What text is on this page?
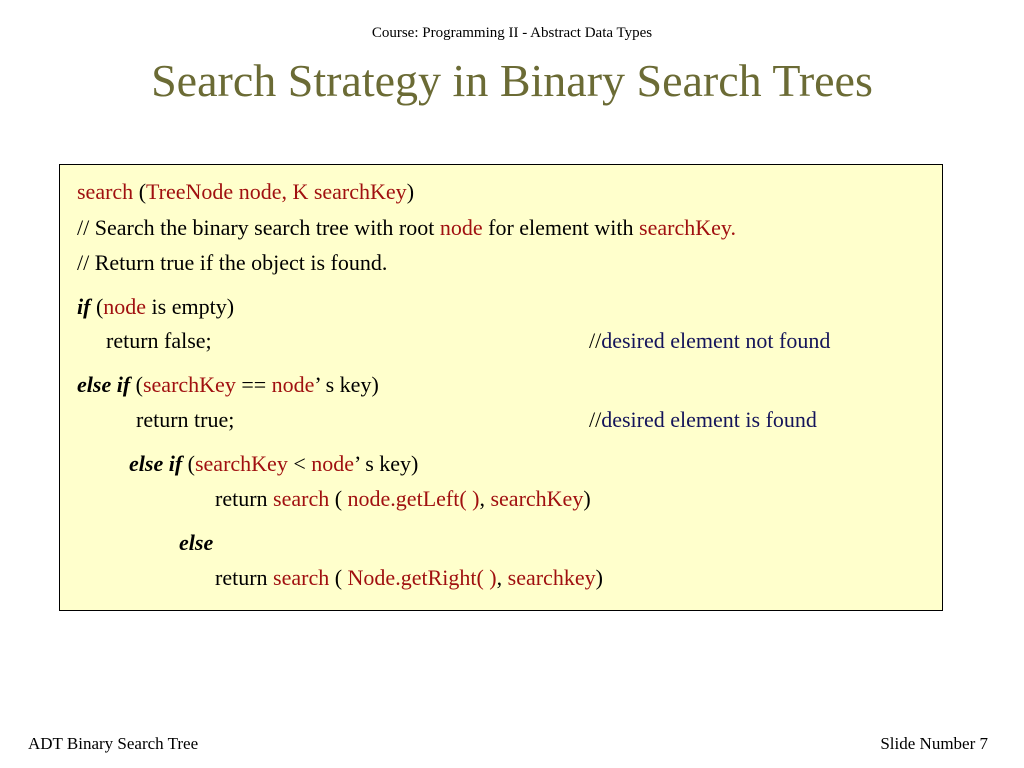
Course: Programming II - Abstract Data Types
Search Strategy in Binary Search Trees
search (TreeNode node, K searchKey)
// Search the binary search tree with root node for element with searchKey.
// Return true if the object is found.
if (node is empty)
return false;	//desired element not found
else if (searchKey == node’ s key)
return true;	//desired element is found
else if (searchKey < node’ s key)
return search ( node.getLeft( ), searchKey)
else
return search ( Node.getRight( ), searchkey)
ADT Binary Search Tree	Slide Number 7
